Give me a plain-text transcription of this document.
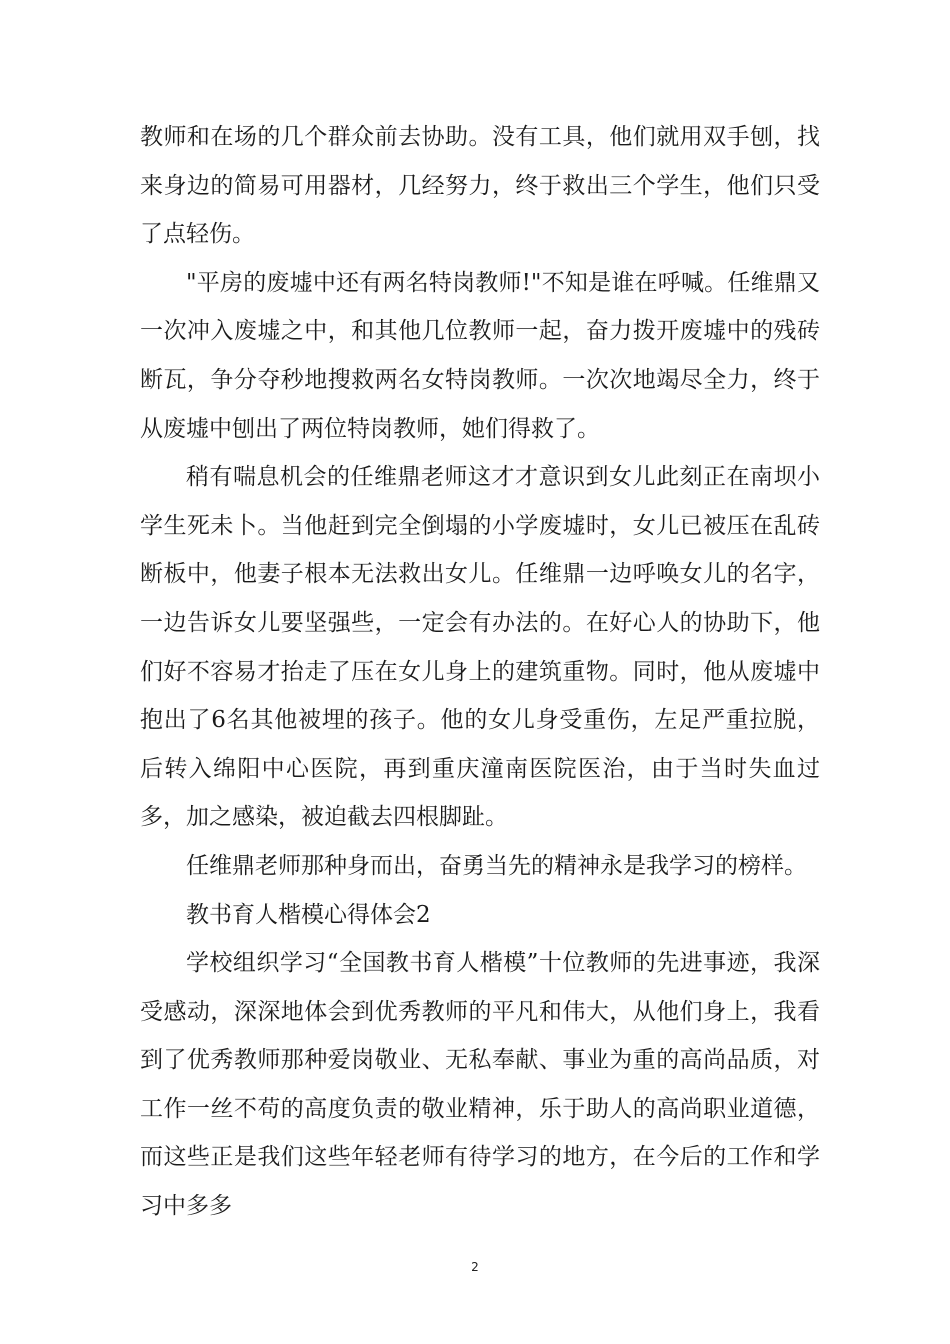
教师和在场的几个群众前去协助。没有工具，他们就用双手刨，找来身边的简易可用器材，几经努力，终于救出三个学生，他们只受了点轻伤。

"平房的废墟中还有两名特岗教师!"不知是谁在呼喊。任维鼎又一次冲入废墟之中，和其他几位教师一起，奋力拨开废墟中的残砖断瓦，争分夺秒地搜救两名女特岗教师。一次次地竭尽全力，终于从废墟中刨出了两位特岗教师，她们得救了。

稍有喘息机会的任维鼎老师这才才意识到女儿此刻正在南坝小学生死未卜。当他赶到完全倒塌的小学废墟时，女儿已被压在乱砖断板中，他妻子根本无法救出女儿。任维鼎一边呼唤女儿的名字，一边告诉女儿要坚强些，一定会有办法的。在好心人的协助下，他们好不容易才抬走了压在女儿身上的建筑重物。同时，他从废墟中抱出了6名其他被埋的孩子。他的女儿身受重伤，左足严重拉脱，后转入绵阳中心医院，再到重庆潼南医院医治，由于当时失血过多，加之感染，被迫截去四根脚趾。

任维鼎老师那种身而出，奋勇当先的精神永是我学习的榜样。

教书育人楷模心得体会2

学校组织学习“全国教书育人楷模”十位教师的先进事迹，我深受感动，深深地体会到优秀教师的平凡和伟大，从他们身上，我看到了优秀教师那种爱岗敬业、无私奉献、事业为重的高尚品质，对工作一丝不苟的高度负责的敬业精神，乐于助人的高尚职业道德，而这些正是我们这些年轻老师有待学习的地方，在今后的工作和学习中多多

2
